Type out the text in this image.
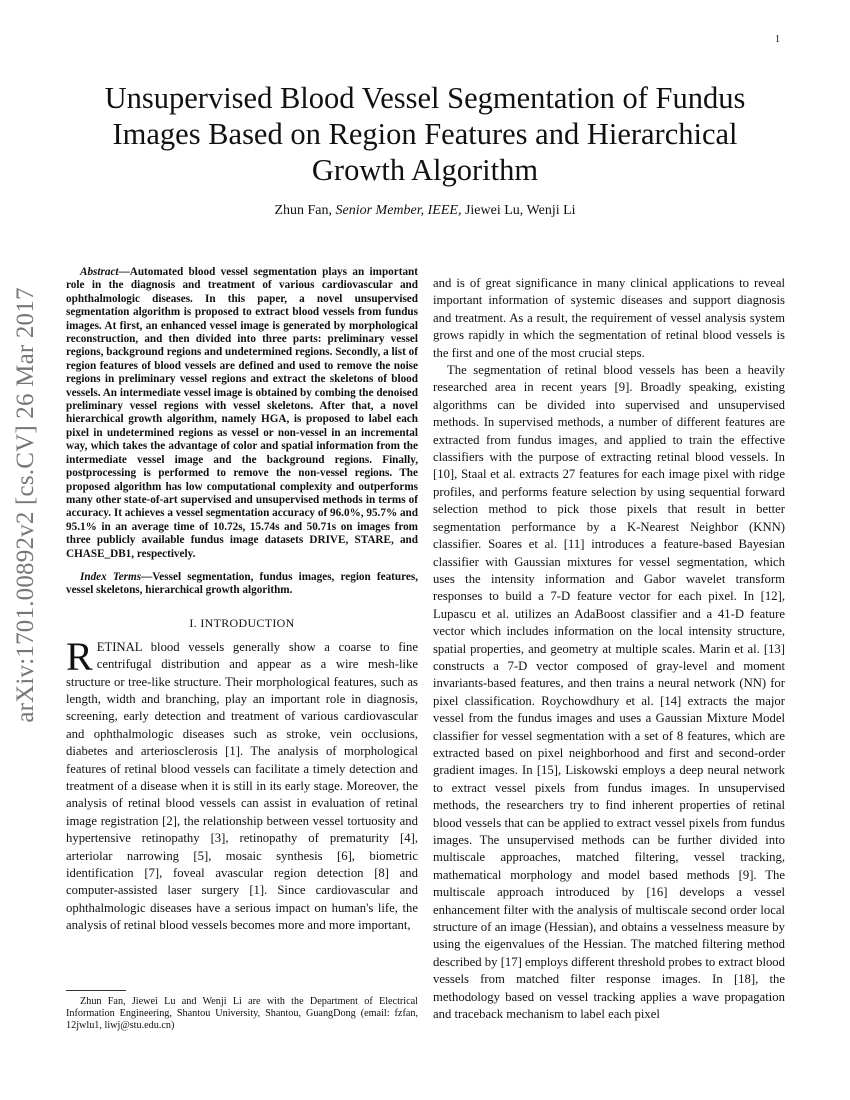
1
arXiv:1701.00892v2 [cs.CV] 26 Mar 2017
Unsupervised Blood Vessel Segmentation of Fundus Images Based on Region Features and Hierarchical Growth Algorithm
Zhun Fan, Senior Member, IEEE, Jiewei Lu, Wenji Li

Abstract—Automated blood vessel segmentation plays an important role in the diagnosis and treatment of various cardiovascular and ophthalmologic diseases. In this paper, a novel unsupervised segmentation algorithm is proposed to extract blood vessels from fundus images. At first, an enhanced vessel image is generated by morphological reconstruction, and then divided into three parts: preliminary vessel regions, background regions and undetermined regions. Secondly, a list of region features of blood vessels are defined and used to remove the noise regions in preliminary vessel regions and extract the skeletons of blood vessels. An intermediate vessel image is obtained by combing the denoised preliminary vessel regions with vessel skeletons. After that, a novel hierarchical growth algorithm, namely HGA, is proposed to label each pixel in undetermined regions as vessel or non-vessel in an incremental way, which takes the advantage of color and spatial information from the intermediate vessel image and the background regions. Finally, postprocessing is performed to remove the non-vessel regions. The proposed algorithm has low computational complexity and outperforms many other state-of-art supervised and unsupervised methods in terms of accuracy. It achieves a vessel segmentation accuracy of 96.0%, 95.7% and 95.1% in an average time of 10.72s, 15.74s and 50.71s on images from three publicly available fundus image datasets DRIVE, STARE, and CHASE_DB1, respectively.

Index Terms—Vessel segmentation, fundus images, region features, vessel skeletons, hierarchical growth algorithm.

I. INTRODUCTION

RETINAL blood vessels generally show a coarse to fine centrifugal distribution and appear as a wire mesh-like structure or tree-like structure. Their morphological features, such as length, width and branching, play an important role in diagnosis, screening, early detection and treatment of various cardiovascular and ophthalmologic diseases such as stroke, vein occlusions, diabetes and arteriosclerosis [1]. The analysis of morphological features of retinal blood vessels can facilitate a timely detection and treatment of a disease when it is still in its early stage. Moreover, the analysis of retinal blood vessels can assist in evaluation of retinal image registration [2], the relationship between vessel tortuosity and hypertensive retinopathy [3], retinopathy of prematurity [4], arteriolar narrowing [5], mosaic synthesis [6], biometric identification [7], foveal avascular region detection [8] and computer-assisted laser surgery [1]. Since cardiovascular and ophthalmologic diseases have a serious impact on human's life, the analysis of retinal blood vessels becomes more and more important,

Zhun Fan, Jiewei Lu and Wenji Li are with the Department of Electrical Information Engineering, Shantou University, Shantou, GuangDong (email: fzfan, 12jwlu1, liwj@stu.edu.cn)

and is of great significance in many clinical applications to reveal important information of systemic diseases and support diagnosis and treatment. As a result, the requirement of vessel analysis system grows rapidly in which the segmentation of retinal blood vessels is the first and one of the most crucial steps.

The segmentation of retinal blood vessels has been a heavily researched area in recent years [9]. Broadly speaking, existing algorithms can be divided into supervised and unsupervised methods. In supervised methods, a number of different features are extracted from fundus images, and applied to train the effective classifiers with the purpose of extracting retinal blood vessels. In [10], Staal et al. extracts 27 features for each image pixel with ridge profiles, and performs feature selection by using sequential forward selection method to pick those pixels that result in better segmentation performance by a K-Nearest Neighbor (KNN) classifier. Soares et al. [11] introduces a feature-based Bayesian classifier with Gaussian mixtures for vessel segmentation, which uses the intensity information and Gabor wavelet transform responses to build a 7-D feature vector for each pixel. In [12], Lupascu et al. utilizes an AdaBoost classifier and a 41-D feature vector which includes information on the local intensity structure, spatial properties, and geometry at multiple scales. Marin et al. [13] constructs a 7-D vector composed of gray-level and moment invariants-based features, and then trains a neural network (NN) for pixel classification. Roychowdhury et al. [14] extracts the major vessel from the fundus images and uses a Gaussian Mixture Model classifier for vessel segmentation with a set of 8 features, which are extracted based on pixel neighborhood and first and second-order gradient images. In [15], Liskowski employs a deep neural network to extract vessel pixels from fundus images. In unsupervised methods, the researchers try to find inherent properties of retinal blood vessels that can be applied to extract vessel pixels from fundus images. The unsupervised methods can be further divided into multiscale approaches, matched filtering, vessel tracking, mathematical morphology and model based methods [9]. The multiscale approach introduced by [16] develops a vessel enhancement filter with the analysis of multiscale second order local structure of an image (Hessian), and obtains a vesselness measure by using the eigenvalues of the Hessian. The matched filtering method described by [17] employs different threshold probes to extract blood vessels from matched filter response images. In [18], the methodology based on vessel tracking applies a wave propagation and traceback mechanism to label each pixel
